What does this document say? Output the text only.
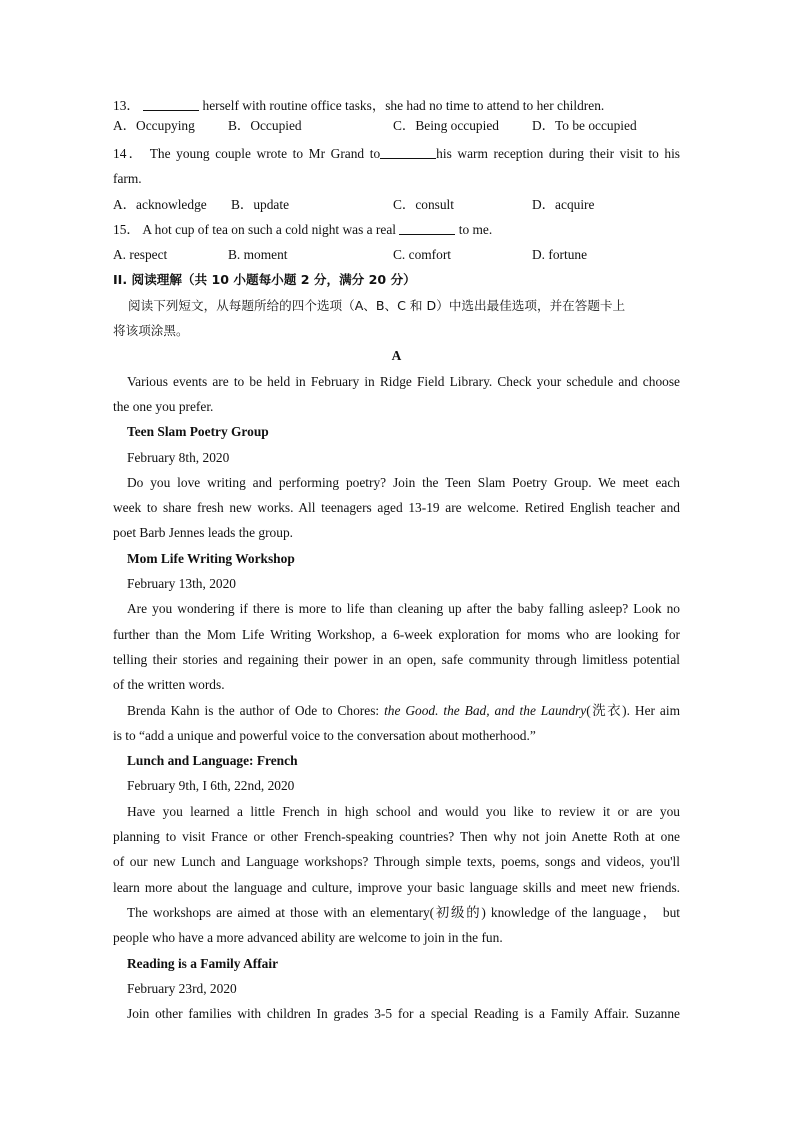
13．	herself with routine office tasks，she had no time to attend to her children.
A．Occupying B．Occupied	C．Being occupied D．To be occupied
14． The young couple wrote to Mr Grand to	his warm reception during their visit to his
farm.
A．acknowledge B．update	C．consult	D．acquire
15． A hot cup of tea on such a cold night was a real	to me.
A. respect	B. moment	C. comfort	D. fortune
II. 阅读理解（共 10 小题每小题 2 分，满分 20 分）
阅读下列短文，从每题所给的四个选项（A、B、C 和 D）中选出最佳选项，并在答题卡上
将该项涂黑。
A
Various events are to be held in February in Ridge Field Library. Check your schedule and choose
the one you prefer.
Teen Slam Poetry Group
February 8th, 2020
Do you love writing and performing poetry? Join the Teen Slam Poetry Group. We meet each
week to share fresh new works. All teenagers aged 13-19 are welcome. Retired English teacher and
poet Barb Jennes leads the group.
Mom Life Writing Workshop
February 13th, 2020
Are you wondering if there is more to life than cleaning up after the baby falling asleep? Look no
further than the Mom Life Writing Workshop, a 6-week exploration for moms who are looking for
telling their stories and regaining their power in an open, safe community through limitless potential
of the written words.
Brenda Kahn is the author of Ode to Chores: the Good. the Bad, and the Laundry(洗衣). Her aim
is to “add a unique and powerful voice to the conversation about motherhood.”
Lunch and Language: French
February 9th, I 6th, 22nd, 2020
Have you learned a little French in high school and would you like to review it or are you
planning to visit France or other French-speaking countries? Then why not join Anette Roth at one
of our new Lunch and Language workshops? Through simple texts, poems, songs and videos, you'll
learn more about the language and culture, improve your basic language skills and meet new friends.
The workshops are aimed at those with an elementary(初级的) knowledge of the language， but
people who have a more advanced ability are welcome to join in the fun.
Reading is a Family Affair
February 23rd, 2020
Join other families with children In grades 3-5 for a special Reading is a Family Affair. Suzanne
